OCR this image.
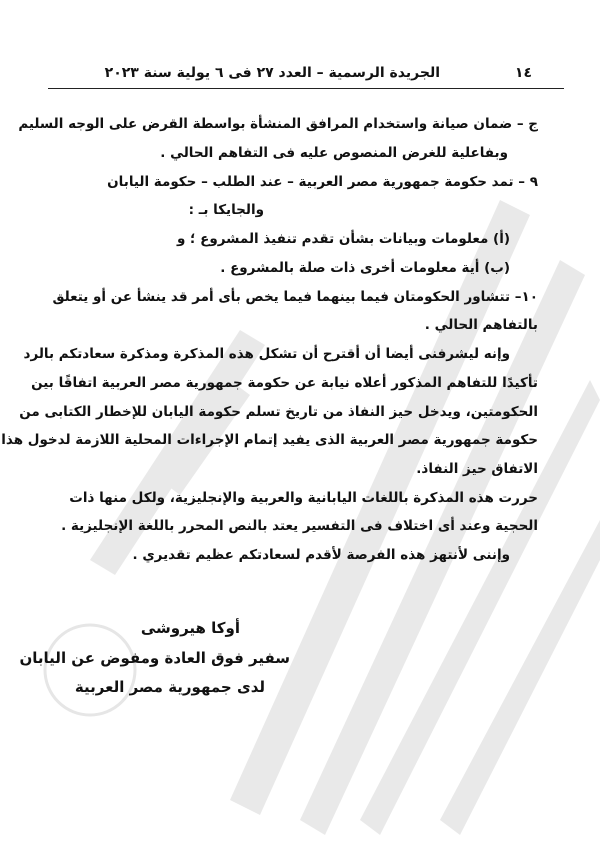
١٤
الجريدة الرسمية – العدد ٢٧ فى ٦ يولية سنة ٢٠٢٣
ج – ضمان صيانة واستخدام المرافق المنشأة بواسطة القرض على الوجه السليم
وبفاعلية للغرض المنصوص عليه فى التفاهم الحالي .
٩ – تمد حكومة جمهورية مصر العربية – عند الطلب – حكومة اليابان
والجايكا بـ :
(أ) معلومات وبيانات بشأن تقدم تنفيذ المشروع ؛ و
(ب) أية معلومات أخرى ذات صلة بالمشروع .
١٠– تتشاور الحكومتان فيما بينهما فيما يخص بأى أمر قد ينشأ عن أو يتعلق
بالتفاهم الحالي .
وإنه ليشرفنى أيضا أن أقترح أن تشكل هذه المذكرة ومذكرة سعادتكم بالرد
تأكيدًا للتفاهم المذكور أعلاه نيابة عن حكومة جمهورية مصر العربية اتفاقًا بين
الحكومتين، ويدخل حيز النفاذ من تاريخ تسلم حكومة اليابان للإخطار الكتابى من
حكومة جمهورية مصر العربية الذى يفيد إتمام الإجراءات المحلية اللازمة لدخول هذا
الاتفاق حيز النفاذ.
حررت هذه المذكرة باللغات اليابانية والعربية والإنجليزية، ولكل منها ذات
الحجية وعند أى اختلاف فى التفسير يعتد بالنص المحرر باللغة الإنجليزية .
وإننى لأنتهز هذه الفرصة لأقدم لسعادتكم عظيم تقديري .
أوكا هيروشى
سفير فوق العادة ومفوض عن اليابان
لدى جمهورية مصر العربية
